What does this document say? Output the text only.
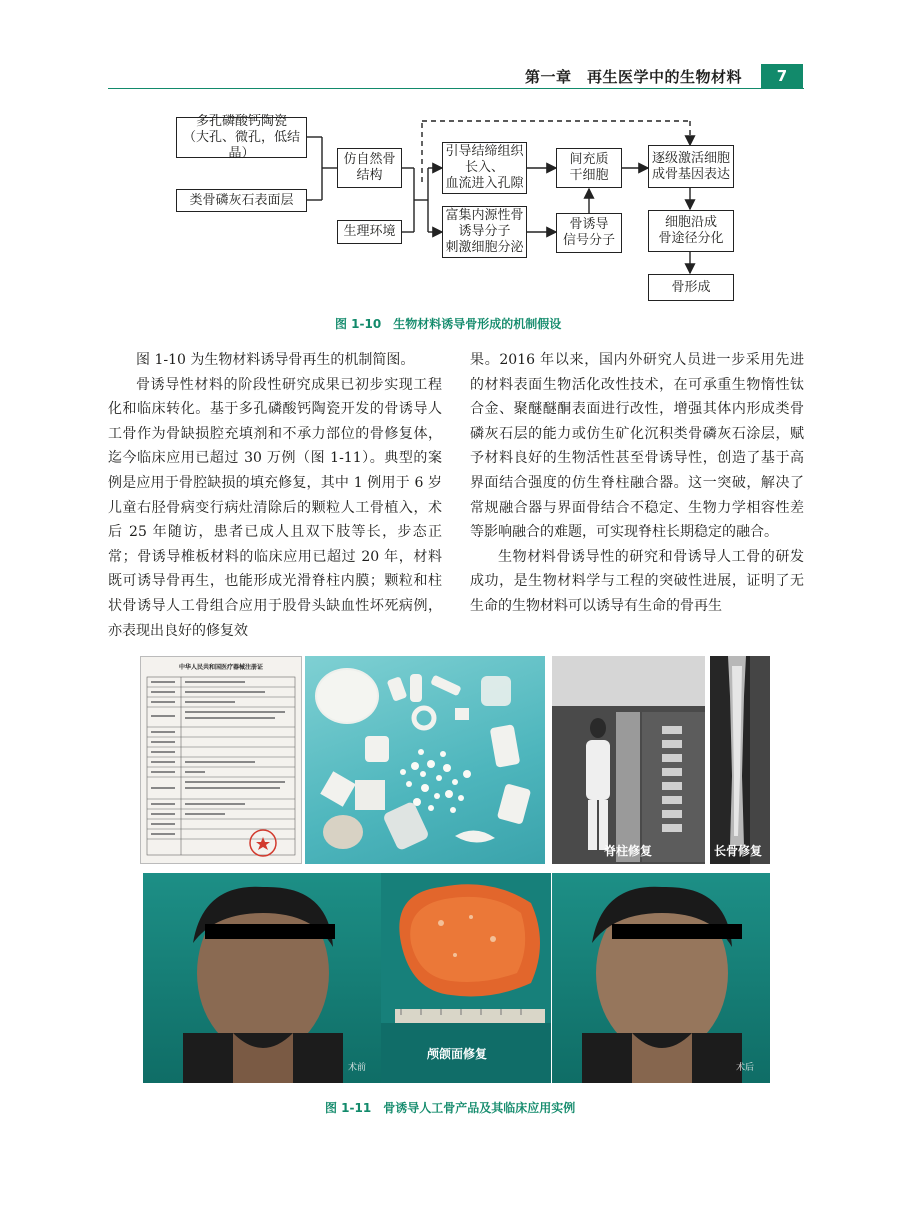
第一章　再生医学中的生物材料	7
多孔磷酸钙陶瓷
（大孔、微孔，低结晶）
类骨磷灰石表面层
仿自然骨
结构
生理环境
引导结缔组织
长入、
血流进入孔隙
富集内源性骨
诱导分子
刺激细胞分泌
间充质
干细胞
骨诱导
信号分子
逐级激活细胞
成骨基因表达
细胞沿成
骨途径分化
骨形成
图 1-10　生物材料诱导骨形成的机制假设

图 1-10 为生物材料诱导骨再生的机制简图。

骨诱导性材料的阶段性研究成果已初步实现工程化和临床转化。基于多孔磷酸钙陶瓷开发的骨诱导人工骨作为骨缺损腔充填剂和不承力部位的骨修复体，迄今临床应用已超过 30 万例（图 1-11）。典型的案例是应用于骨腔缺损的填充修复，其中 1 例用于 6 岁儿童右胫骨病变行病灶清除后的颗粒人工骨植入，术后 25 年随访，患者已成人且双下肢等长，步态正常；骨诱导椎板材料的临床应用已超过 20 年，材料既可诱导骨再生，也能形成光滑脊柱内膜；颗粒和柱状骨诱导人工骨组合应用于股骨头缺血性坏死病例，亦表现出良好的修复效

果。2016 年以来，国内外研究人员进一步采用先进的材料表面生物活化改性技术，在可承重生物惰性钛合金、聚醚醚酮表面进行改性，增强其体内形成类骨磷灰石层的能力或仿生矿化沉积类骨磷灰石涂层，赋予材料良好的生物活性甚至骨诱导性，创造了基于高界面结合强度的仿生脊柱融合器。这一突破，解决了常规融合器与界面骨结合不稳定、生物力学相容性差等影响融合的难题，可实现脊柱长期稳定的融合。

生物材料骨诱导性的研究和骨诱导人工骨的研发成功，是生物材料学与工程的突破性进展，证明了无生命的生物材料可以诱导有生命的骨再生

中华人民共和国医疗器械注册证
脊柱修复	长骨修复
术前
颅颌面修复
术后
图 1-11　骨诱导人工骨产品及其临床应用实例
